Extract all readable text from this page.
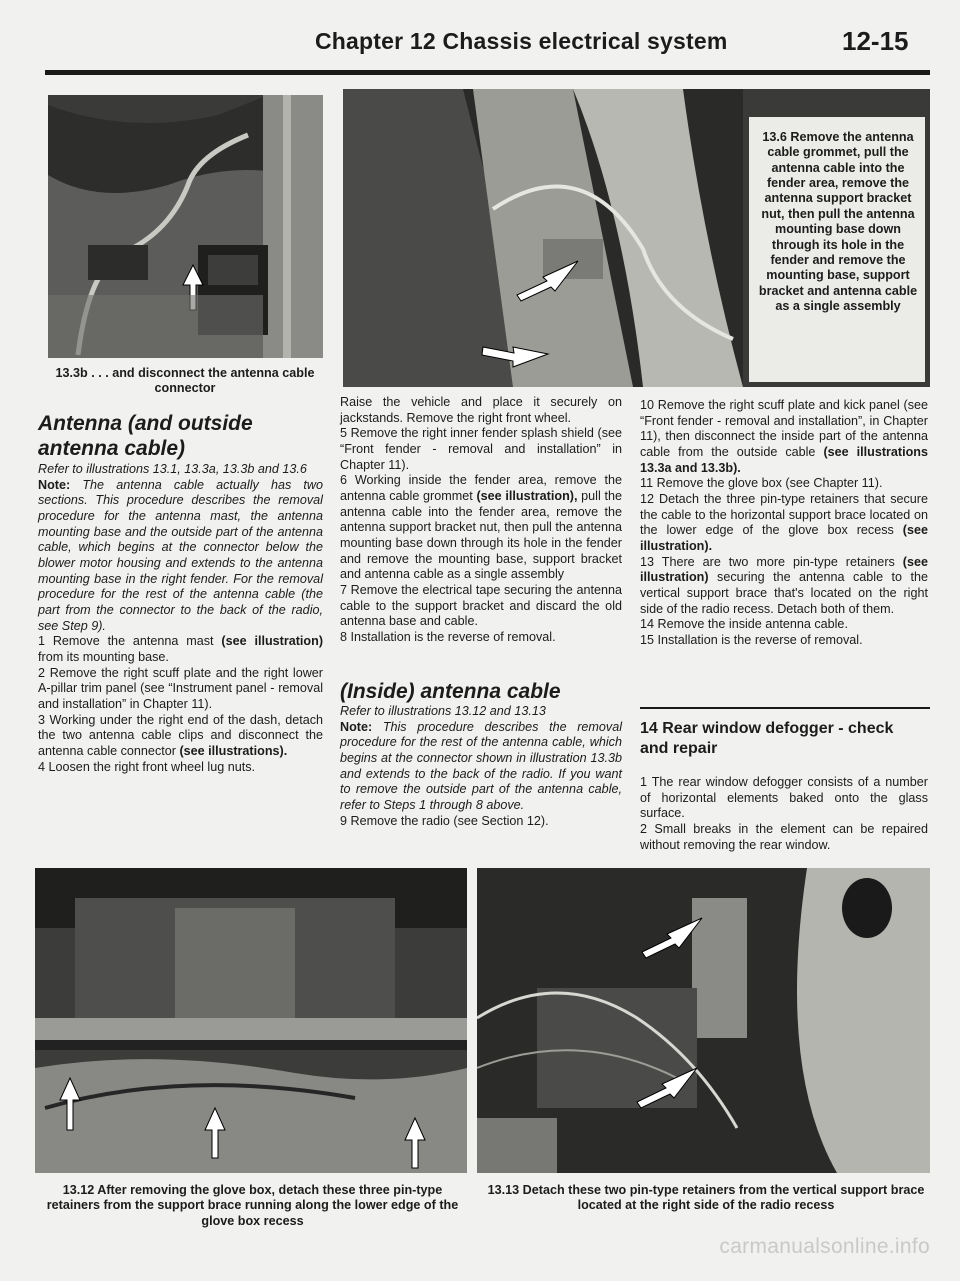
Chapter 12 Chassis electrical system	12-15
13.3b . . . and disconnect the antenna cable connector
13.6 Remove the antenna cable grommet, pull the antenna cable into the fender area, remove the antenna support bracket nut, then pull the antenna mounting base down through its hole in the fender and remove the mounting base, support bracket and antenna cable as a single assembly
Antenna (and outside antenna cable)

Refer to illustrations 13.1, 13.3a, 13.3b and 13.6

Note: The antenna cable actually has two sections. This procedure describes the removal procedure for the antenna mast, the antenna mounting base and the outside part of the antenna cable, which begins at the connector below the blower motor housing and extends to the antenna mounting base in the right fender. For the removal procedure for the rest of the antenna cable (the part from the connector to the back of the radio, see Step 9).

1 Remove the antenna mast (see illustration) from its mounting base.

2 Remove the right scuff plate and the right lower A-pillar trim panel (see “Instrument panel - removal and installation” in Chapter 11).

3 Working under the right end of the dash, detach the two antenna cable clips and disconnect the antenna cable connector (see illustrations).

4 Loosen the right front wheel lug nuts.

Raise the vehicle and place it securely on jackstands. Remove the right front wheel.

5 Remove the right inner fender splash shield (see “Front fender - removal and installation” in Chapter 11).

6 Working inside the fender area, remove the antenna cable grommet (see illustration), pull the antenna cable into the fender area, remove the antenna support bracket nut, then pull the antenna mounting base down through its hole in the fender and remove the mounting base, support bracket and antenna cable as a single assembly

7 Remove the electrical tape securing the antenna cable to the support bracket and discard the old antenna base and cable.

8 Installation is the reverse of removal.

(Inside) antenna cable

Refer to illustrations 13.12 and 13.13

Note: This procedure describes the removal procedure for the rest of the antenna cable, which begins at the connector shown in illustration 13.3b and extends to the back of the radio. If you want to remove the outside part of the antenna cable, refer to Steps 1 through 8 above.

9 Remove the radio (see Section 12).

10 Remove the right scuff plate and kick panel (see “Front fender - removal and installation”, in Chapter 11), then disconnect the inside part of the antenna cable from the outside cable (see illustrations 13.3a and 13.3b).

11 Remove the glove box (see Chapter 11).

12 Detach the three pin-type retainers that secure the cable to the horizontal support brace located on the lower edge of the glove box recess (see illustration).

13 There are two more pin-type retainers (see illustration) securing the antenna cable to the vertical support brace that's located on the right side of the radio recess. Detach both of them.

14 Remove the inside antenna cable.

15 Installation is the reverse of removal.

14 Rear window defogger - check and repair

1 The rear window defogger consists of a number of horizontal elements baked onto the glass surface.

2 Small breaks in the element can be repaired without removing the rear window.

13.12 After removing the glove box, detach these three pin-type retainers from the support brace running along the lower edge of the glove box recess
13.13 Detach these two pin-type retainers from the vertical support brace located at the right side of the radio recess
carmanualsonline.info
